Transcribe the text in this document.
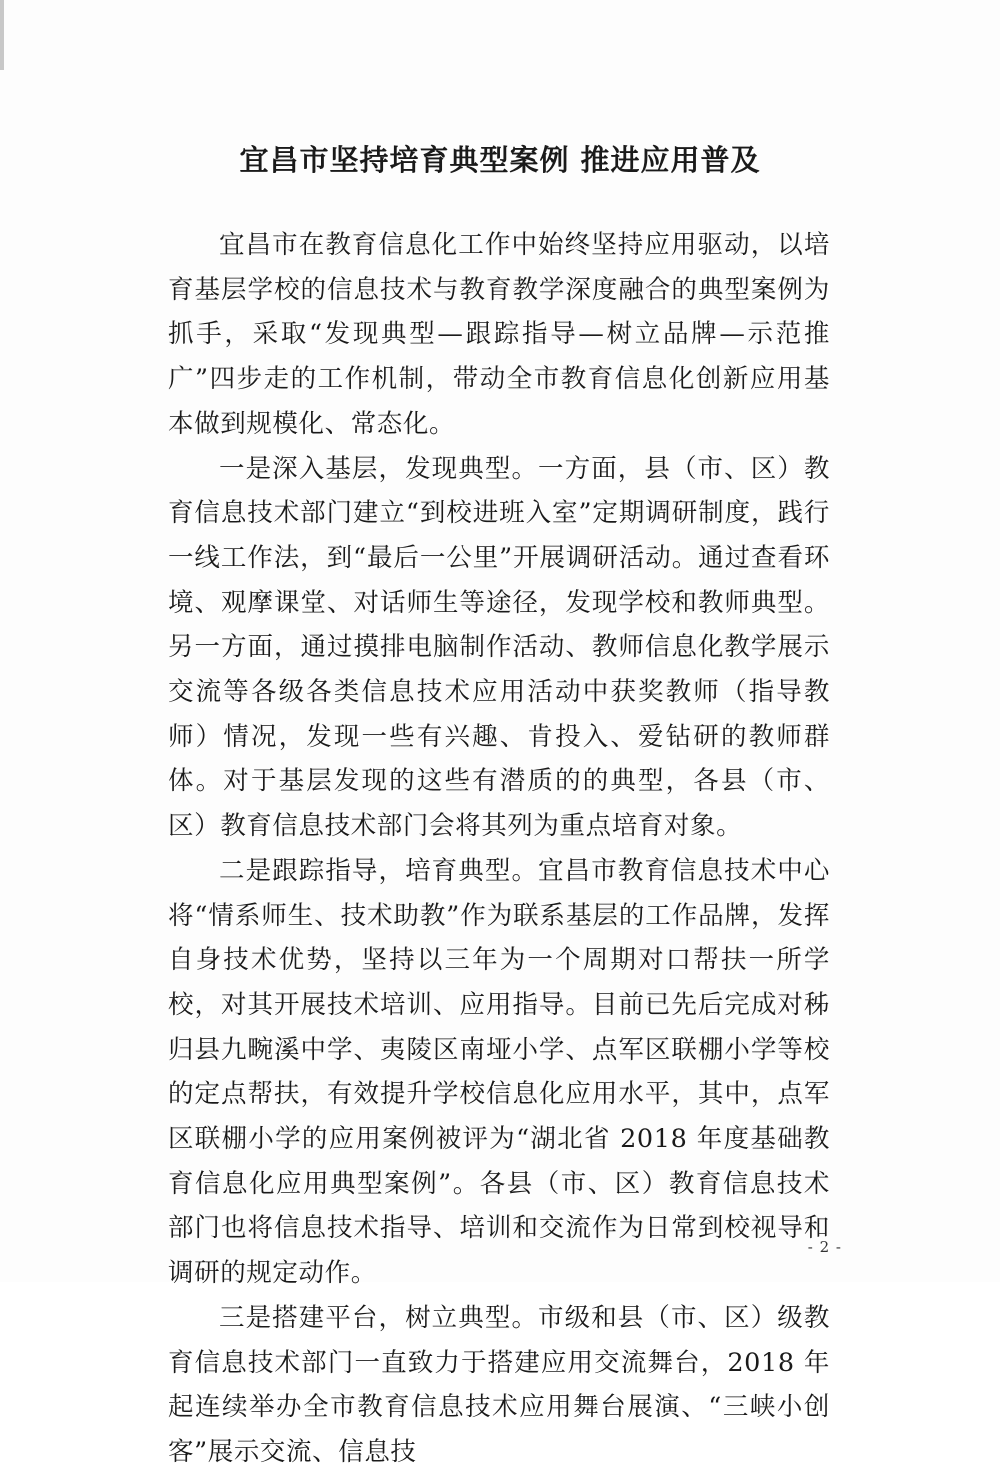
宜昌市坚持培育典型案例 推进应用普及

宜昌市在教育信息化工作中始终坚持应用驱动，以培育基层学校的信息技术与教育教学深度融合的典型案例为抓手，采取“发现典型—跟踪指导—树立品牌—示范推广”四步走的工作机制，带动全市教育信息化创新应用基本做到规模化、常态化。

一是深入基层，发现典型。一方面，县（市、区）教育信息技术部门建立“到校进班入室”定期调研制度，践行一线工作法，到“最后一公里”开展调研活动。通过查看环境、观摩课堂、对话师生等途径，发现学校和教师典型。另一方面，通过摸排电脑制作活动、教师信息化教学展示交流等各级各类信息技术应用活动中获奖教师（指导教师）情况，发现一些有兴趣、肯投入、爱钻研的教师群体。对于基层发现的这些有潜质的的典型，各县（市、区）教育信息技术部门会将其列为重点培育对象。

二是跟踪指导，培育典型。宜昌市教育信息技术中心将“情系师生、技术助教”作为联系基层的工作品牌，发挥自身技术优势，坚持以三年为一个周期对口帮扶一所学校，对其开展技术培训、应用指导。目前已先后完成对秭归县九畹溪中学、夷陵区南垭小学、点军区联棚小学等校的定点帮扶，有效提升学校信息化应用水平，其中，点军区联棚小学的应用案例被评为“湖北省 2018 年度基础教育信息化应用典型案例”。各县（市、区）教育信息技术部门也将信息技术指导、培训和交流作为日常到校视导和调研的规定动作。

三是搭建平台，树立典型。市级和县（市、区）级教育信息技术部门一直致力于搭建应用交流舞台，2018 年起连续举办全市教育信息技术应用舞台展演、“三峡小创客”展示交流、信息技

- 2 -
